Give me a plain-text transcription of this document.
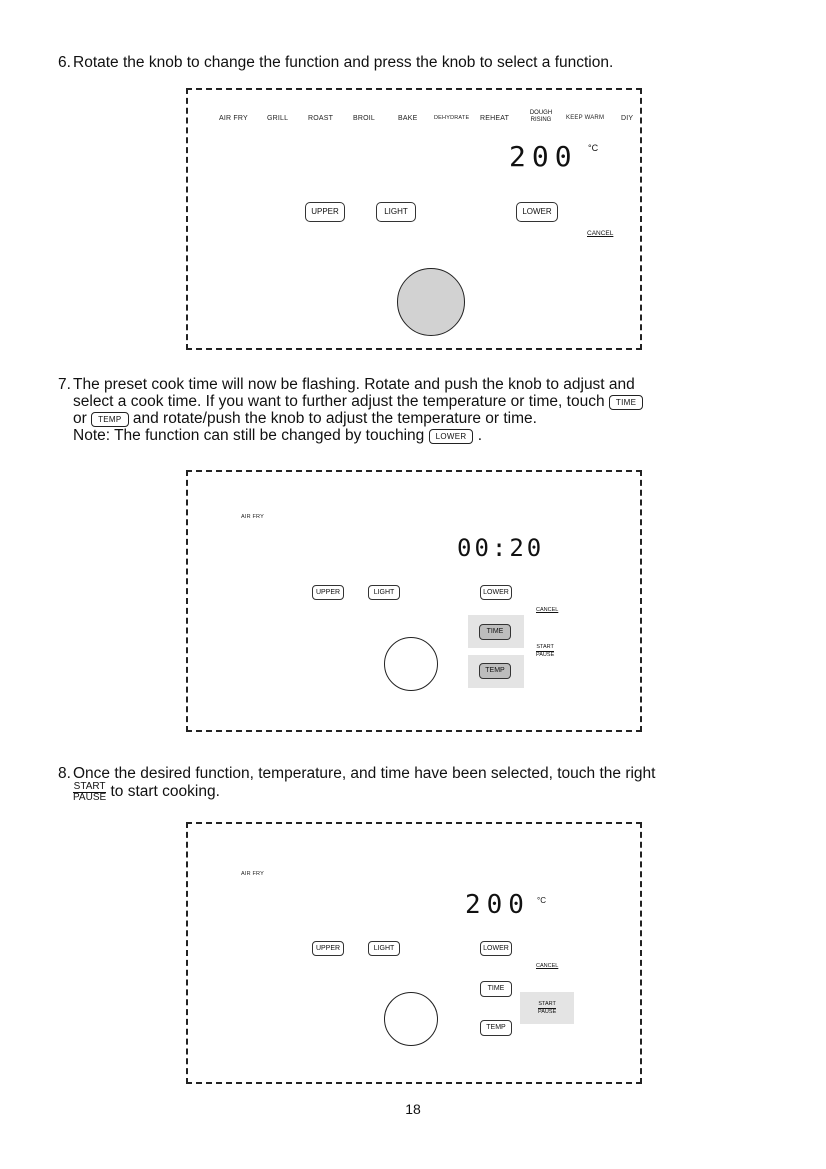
6. Rotate the knob to change the function and press the knob to select a function.
AIR FRY	GRILL	ROAST	BROIL	BAKE	DEHYDRATE REHEAT
DOUGH
RISING	KEEP WARM DIY
200 °C
UPPER	LIGHT	LOWER
CANCEL
7. The preset cook time will now be flashing. Rotate and push the knob to adjust and
select a cook time. If you want to further adjust the temperature or time, touch TIME
or TEMP and rotate/push the knob to adjust the temperature or time.
Note: The function can still be changed by touching LOWER .
AIR FRY
00:20
UPPER	LIGHT	LOWER
CANCEL
TIME
TEMP
START
PAUSE
8. Once the desired function, temperature, and time have been selected, touch the right
$\frac{\text{START}}{\text{PAUSE}}$ to start cooking.
AIR FRY
200 °C
UPPER	LIGHT	LOWER
CANCEL
TIME
TEMP
START
PAUSE
18
